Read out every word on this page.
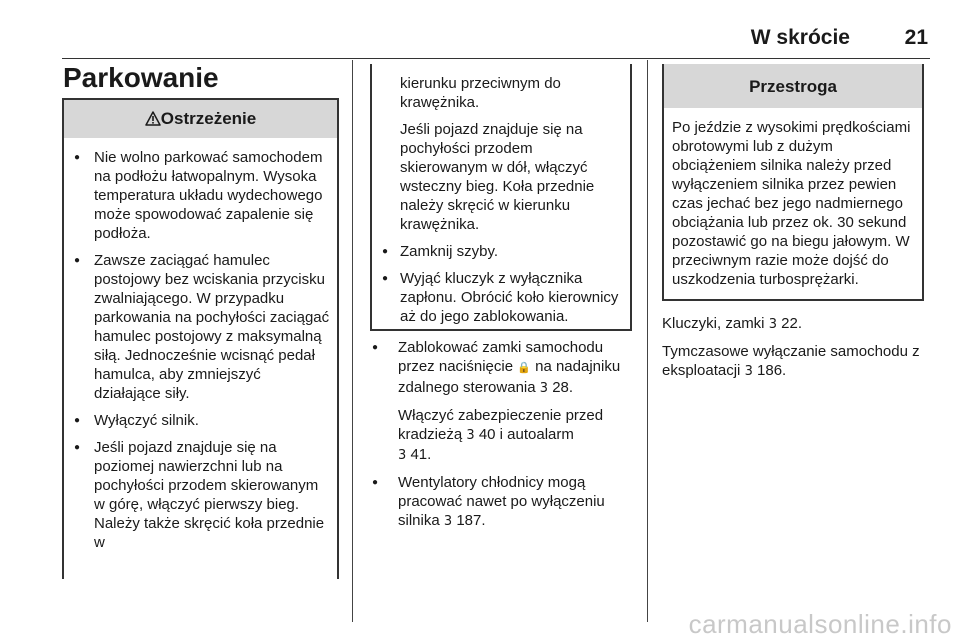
W skrócie	21
Parkowanie
Ostrzeżenie
● Nie wolno parkować samochodem na podłożu łatwopalnym. Wysoka temperatura układu wydechowego może spowodować zapalenie się podłoża.
● Zawsze zaciągać hamulec postojowy bez wciskania przycisku zwalniającego. W przypadku parkowania na pochyłości zaciągać hamulec postojowy z maksymalną siłą. Jednocześnie wcisnąć pedał hamulca, aby zmniejszyć działające siły.
● Wyłączyć silnik.
● Jeśli pojazd znajduje się na poziomej nawierzchni lub na pochyłości przodem skierowanym w górę, włączyć pierwszy bieg. Należy także skręcić koła przednie w
kierunku przeciwnym do krawężnika.
Jeśli pojazd znajduje się na pochyłości przodem skierowanym w dół, włączyć wsteczny bieg. Koła przednie należy skręcić w kierunku krawężnika.
● Zamknij szyby.
● Wyjąć kluczyk z wyłącznika zapłonu. Obrócić koło kierownicy aż do jego zablokowania.
● Zablokować zamki samochodu przez naciśnięcie 🔒 na nadajniku zdalnego sterowania 3 28.
Włączyć zabezpieczenie przed kradzieżą 3 40 i autoalarm
3 41.
● Wentylatory chłodnicy mogą pracować nawet po wyłączeniu silnika 3 187.
Przestroga
Po jeździe z wysokimi prędkościami obrotowymi lub z dużym obciążeniem silnika należy przed wyłączeniem silnika przez pewien czas jechać bez jego nadmiernego obciążania lub przez ok. 30 sekund pozostawić go na biegu jałowym. W przeciwnym razie może dojść do uszkodzenia turbosprężarki.
Kluczyki, zamki 3 22.
Tymczasowe wyłączanie samochodu z eksploatacji 3 186.
carmanualsonline.info
